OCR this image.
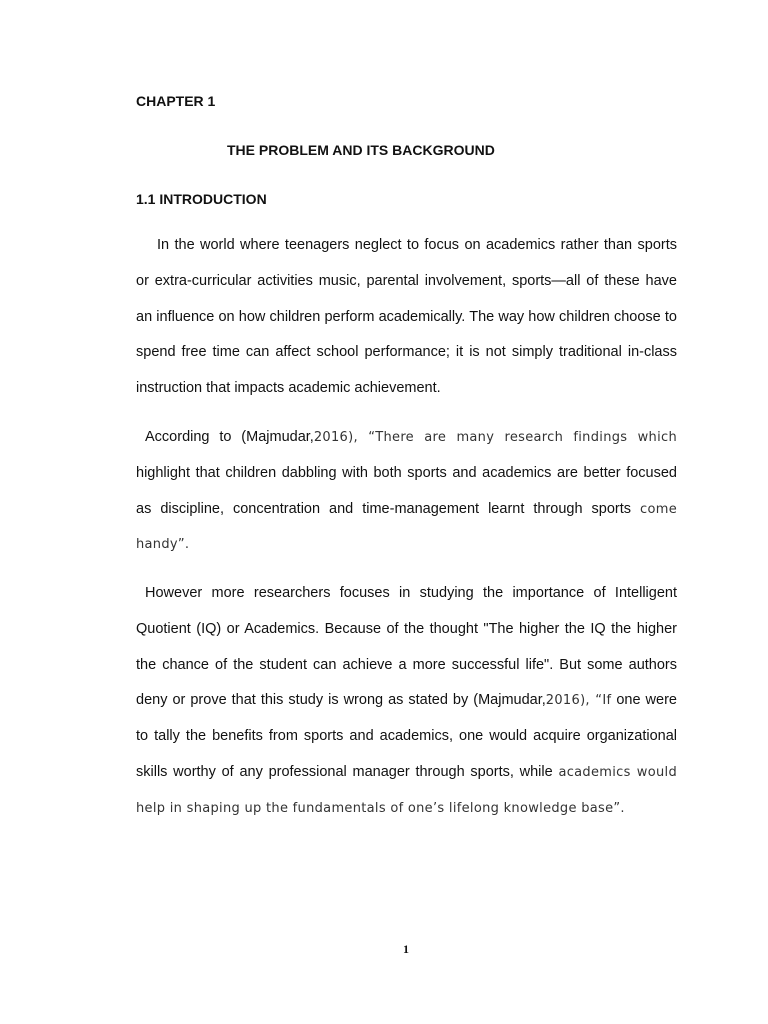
CHAPTER 1
THE PROBLEM AND ITS BACKGROUND
1.1 INTRODUCTION

In the world where teenagers neglect to focus on academics rather than sports or extra-curricular activities music, parental involvement, sports—all of these have an influence on how children perform academically. The way how children choose to spend free time can affect school performance; it is not simply traditional in-class instruction that impacts academic achievement.

According to (Majmudar,2016), “There are many research findings which highlight that children dabbling with both sports and academics are better focused as discipline, concentration and time-management learnt through sports come handy”.

However more researchers focuses in studying the importance of Intelligent Quotient (IQ) or Academics. Because of the thought "The higher the IQ the higher the chance of the student can achieve a more successful life". But some authors deny or prove that this study is wrong as stated by (Majmudar,2016), “If one were to tally the benefits from sports and academics, one would acquire organizational skills worthy of any professional manager through sports, while academics would help in shaping up the fundamentals of one’s lifelong knowledge base”.

1
